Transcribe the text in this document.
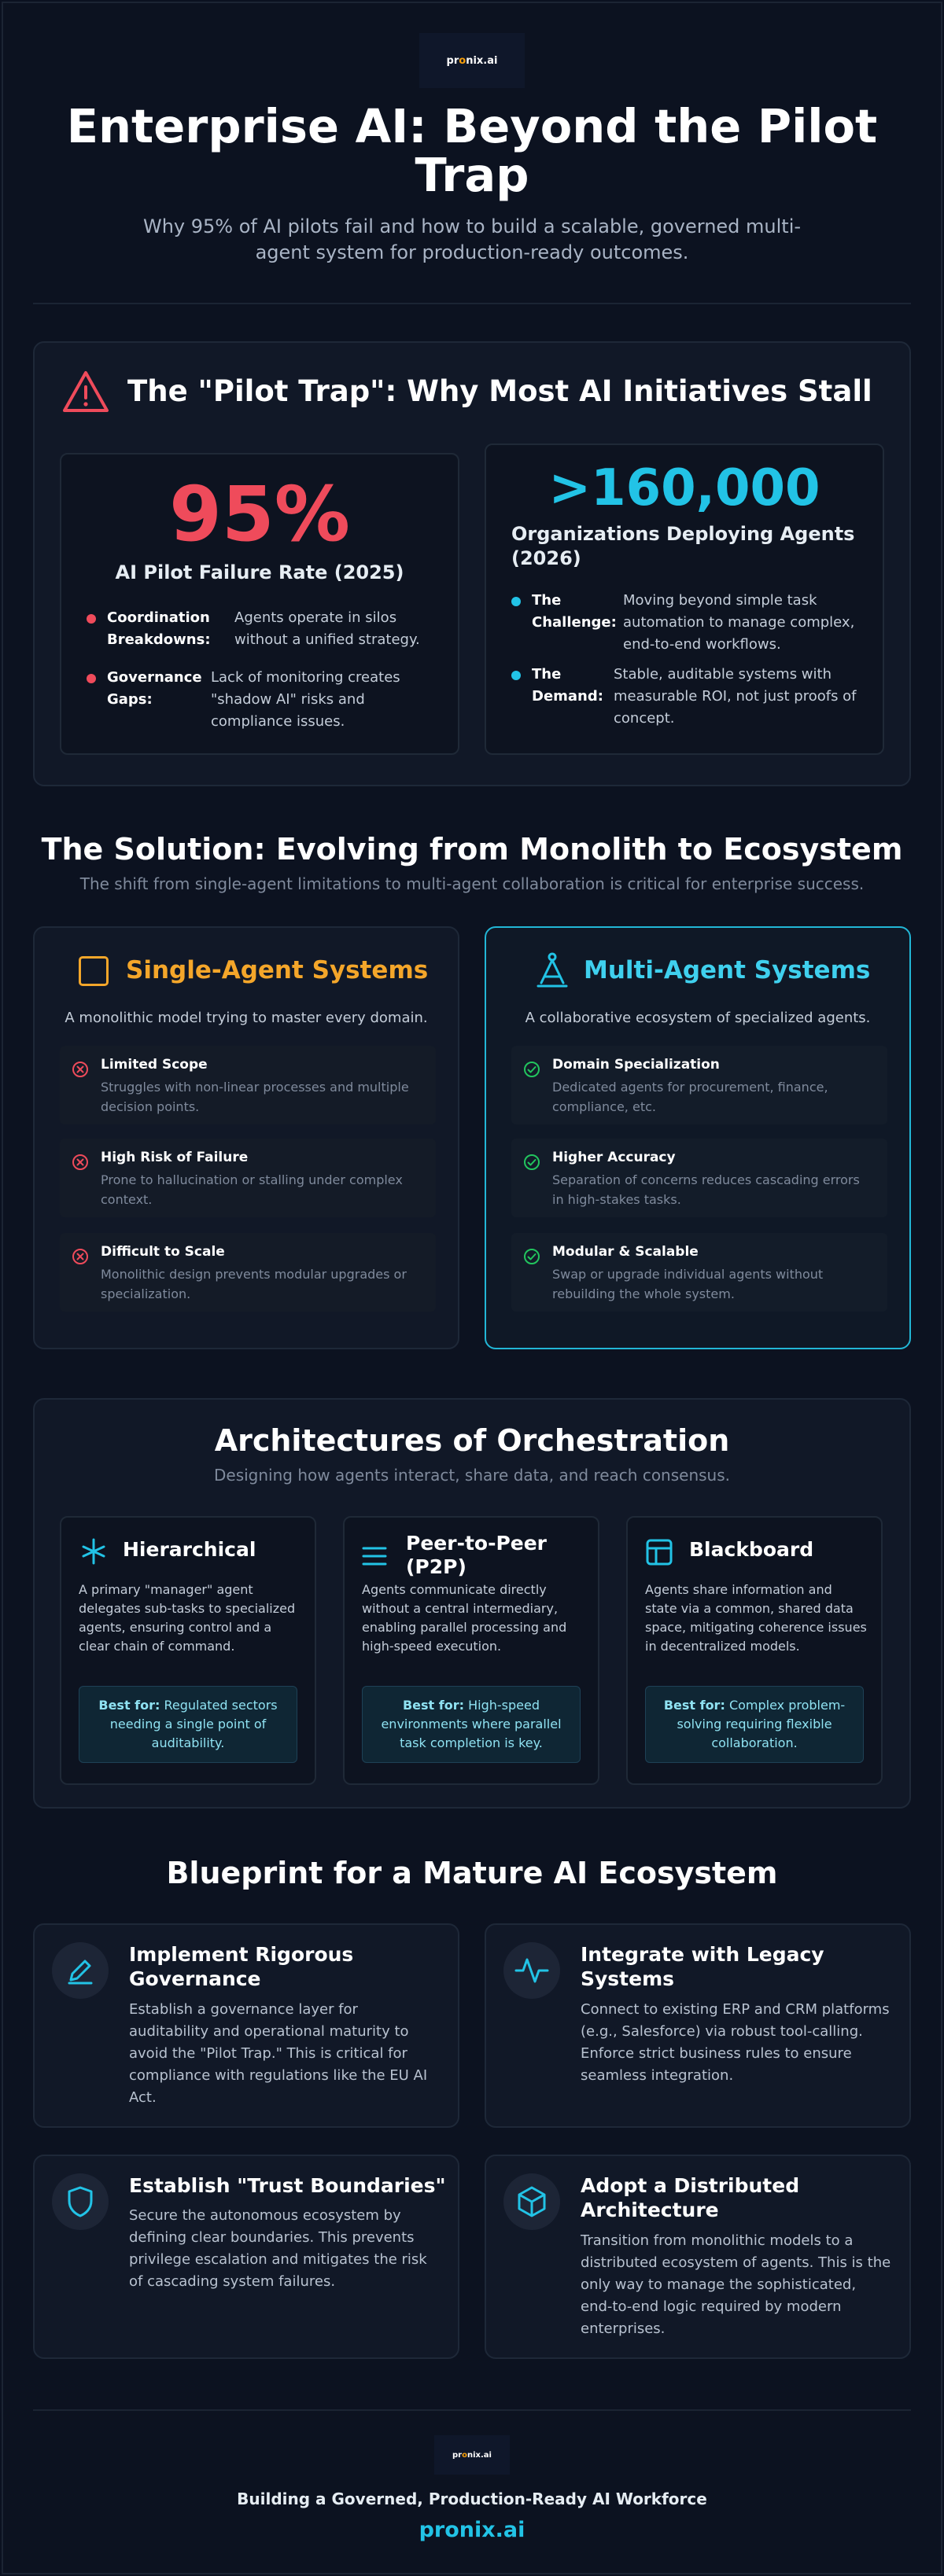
pronix.ai
Enterprise AI: Beyond the Pilot Trap
Why 95% of AI pilots fail and how to build a scalable, governed multi-agent system for production-ready outcomes.
The "Pilot Trap": Why Most AI Initiatives Stall
95%
AI Pilot Failure Rate (2025)
Coordination Breakdowns:
Agents operate in silos without a unified strategy.
Governance Gaps:
Lack of monitoring creates "shadow AI" risks and compliance issues.
>160,000
Organizations Deploying Agents (2026)
The Challenge:
Moving beyond simple task automation to manage complex, end-to-end workflows.
The Demand:
Stable, auditable systems with measurable ROI, not just proofs of concept.
The Solution: Evolving from Monolith to Ecosystem
The shift from single-agent limitations to multi-agent collaboration is critical for enterprise success.
Single-Agent Systems
A monolithic model trying to master every domain.
Limited Scope
Struggles with non-linear processes and multiple decision points.
High Risk of Failure
Prone to hallucination or stalling under complex context.
Difficult to Scale
Monolithic design prevents modular upgrades or specialization.
Multi-Agent Systems
A collaborative ecosystem of specialized agents.
Domain Specialization
Dedicated agents for procurement, finance, compliance, etc.
Higher Accuracy
Separation of concerns reduces cascading errors in high-stakes tasks.
Modular & Scalable
Swap or upgrade individual agents without rebuilding the whole system.
Architectures of Orchestration
Designing how agents interact, share data, and reach consensus.
Hierarchical
A primary "manager" agent delegates sub-tasks to specialized agents, ensuring control and a clear chain of command.
Best for: Regulated sectors needing a single point of auditability.
Peer-to-Peer (P2P)
Agents communicate directly without a central intermediary, enabling parallel processing and high-speed execution.
Best for: High-speed environments where parallel task completion is key.
Blackboard
Agents share information and state via a common, shared data space, mitigating coherence issues in decentralized models.
Best for: Complex problem-solving requiring flexible collaboration.
Blueprint for a Mature AI Ecosystem
Implement Rigorous Governance
Establish a governance layer for auditability and operational maturity to avoid the "Pilot Trap." This is critical for compliance with regulations like the EU AI Act.
Integrate with Legacy Systems
Connect to existing ERP and CRM platforms (e.g., Salesforce) via robust tool-calling. Enforce strict business rules to ensure seamless integration.
Establish "Trust Boundaries"
Secure the autonomous ecosystem by defining clear boundaries. This prevents privilege escalation and mitigates the risk of cascading system failures.
Adopt a Distributed Architecture
Transition from monolithic models to a distributed ecosystem of agents. This is the only way to manage the sophisticated, end-to-end logic required by modern enterprises.
pronix.ai
Building a Governed, Production-Ready AI Workforce
pronix.ai
